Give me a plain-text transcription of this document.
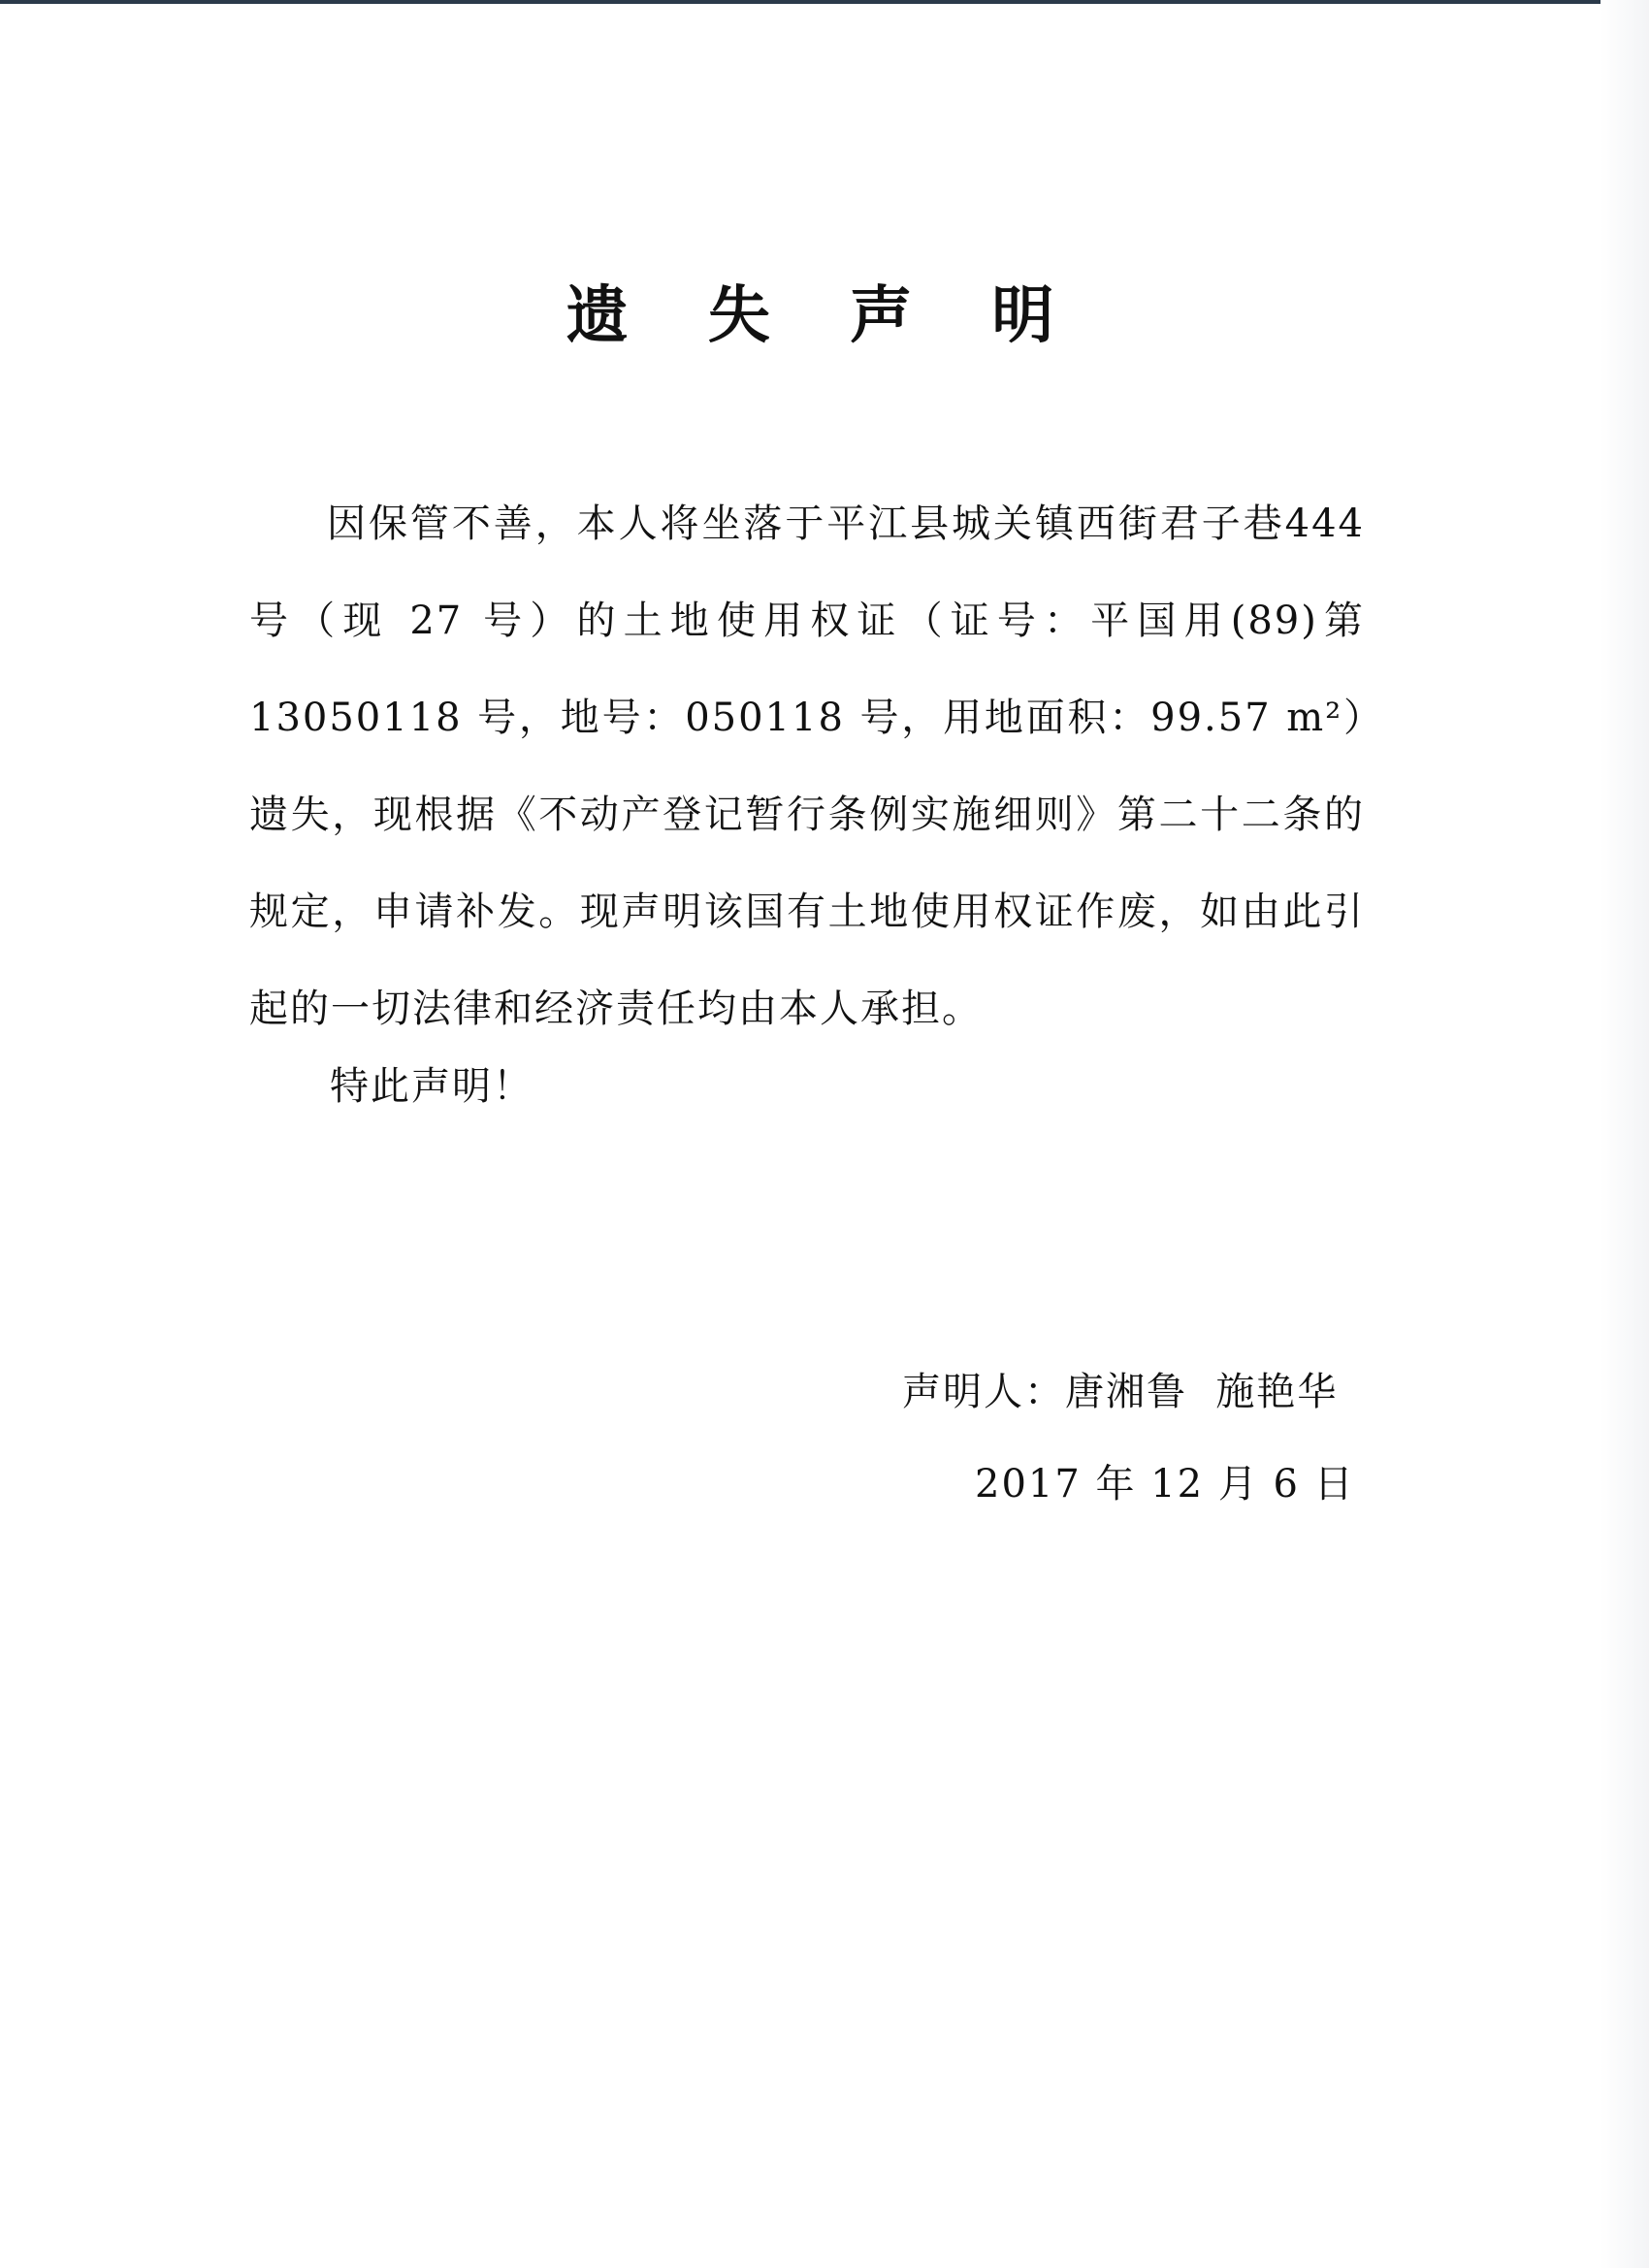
遗 失 声 明

因保管不善，本人将坐落于平江县城关镇西街君子巷444 号（现 27 号）的土地使用权证（证号：平国用(89)第13050118 号，地号：050118 号，用地面积：99.57 m²）遗失，现根据《不动产登记暂行条例实施细则》第二十二条的规定，申请补发。现声明该国有土地使用权证作废，如由此引起的一切法律和经济责任均由本人承担。

特此声明！
声明人：唐湘鲁  施艳华
2017 年 12 月 6 日
